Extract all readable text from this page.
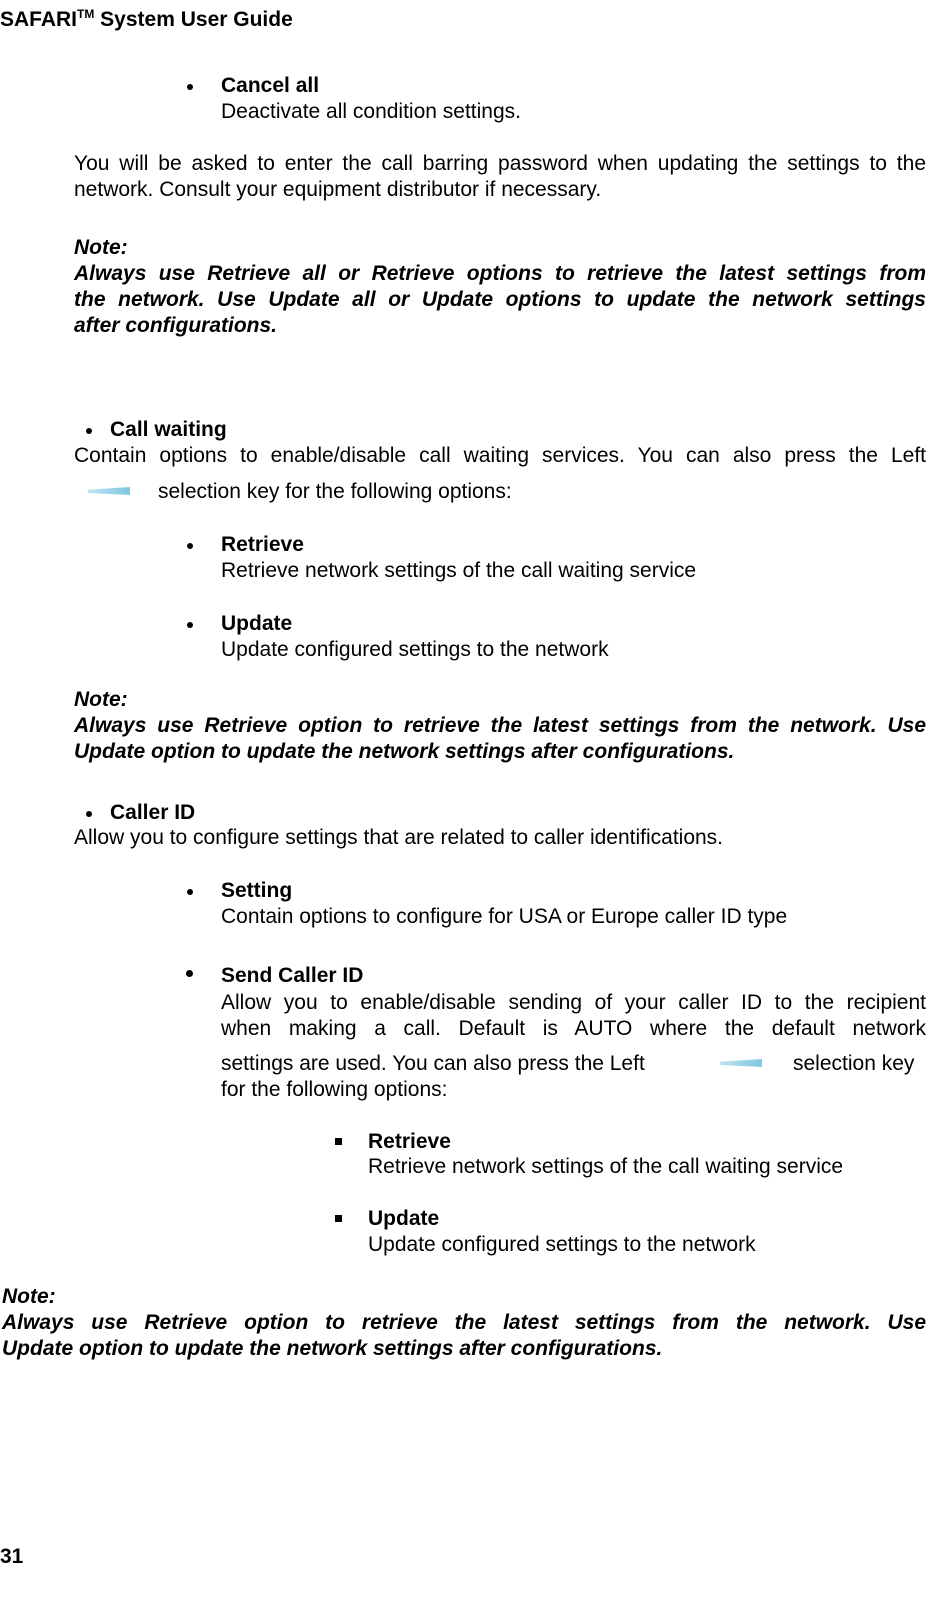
SAFARI™ System User Guide
Cancel all
Deactivate all condition settings.
You will be asked to enter the call barring password when updating the settings to the
network. Consult your equipment distributor if necessary.
Note:
Always use Retrieve all or Retrieve options to retrieve the latest settings from
the network. Use Update all or Update options to update the network settings
after configurations.
Call waiting
Contain options to enable/disable call waiting services. You can also press the Left
selection key for the following options:
Retrieve
Retrieve network settings of the call waiting service
Update
Update configured settings to the network
Note:
Always use Retrieve option to retrieve the latest settings from the network. Use
Update option to update the network settings after configurations.
Caller ID
Allow you to configure settings that are related to caller identifications.
Setting
Contain options to configure for USA or Europe caller ID type
Send Caller ID
Allow you to enable/disable sending of your caller ID to the recipient
when making a call. Default is AUTO where the default network
settings are used. You can also press the Left	selection key
for the following options:
Retrieve
Retrieve network settings of the call waiting service
Update
Update configured settings to the network
Note:
Always use Retrieve option to retrieve the latest settings from the network. Use
Update option to update the network settings after configurations.
31
